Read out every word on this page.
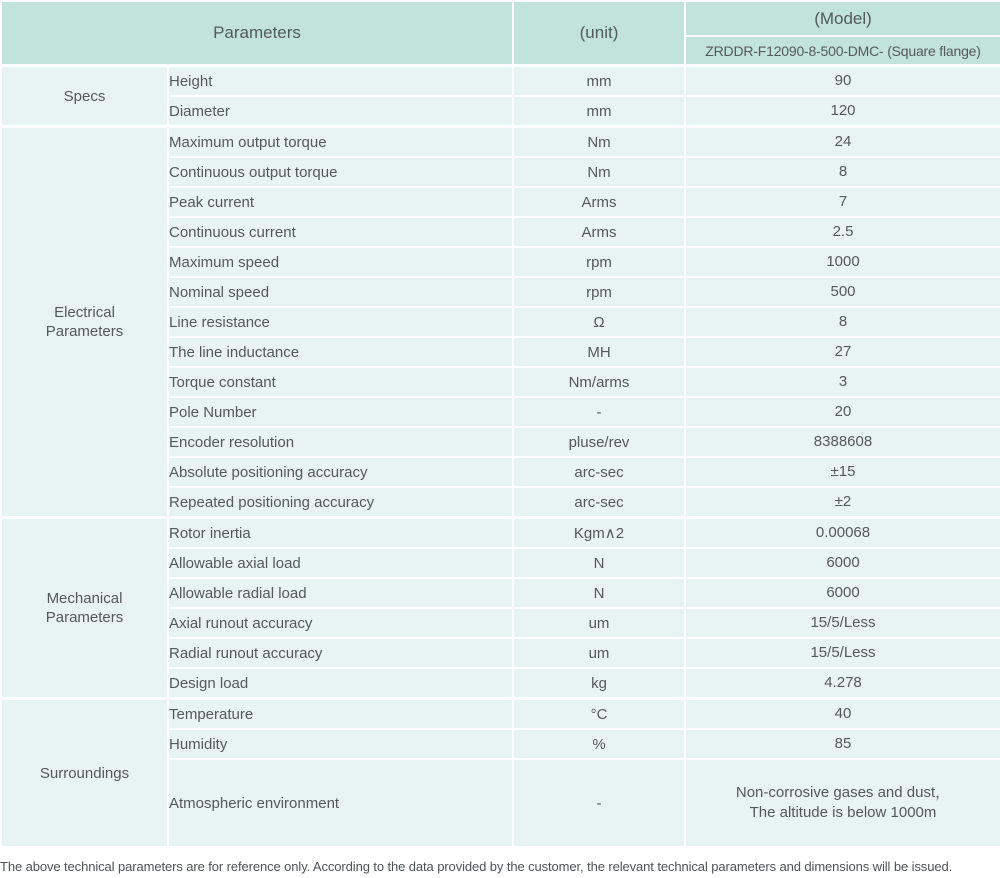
Parameters		(unit)	(Model)
			ZRDDR-F12090-8-500-DMC- (Square flange)

Specs	Height	mm	90
	Diameter	mm	120

Electrical
Parameters	Maximum output torque	Nm	24
	Continuous output torque	Nm	8
	Peak current	Arms	7
	Continuous current	Arms	2.5
	Maximum speed	rpm	1000
	Nominal speed	rpm	500
	Line resistance	Ω	8
	The line inductance	MH	27
	Torque constant	Nm/arms	3
	Pole Number	-	20
	Encoder resolution	pluse/rev	8388608
	Absolute positioning accuracy	arc-sec	±15
	Repeated positioning accuracy	arc-sec	±2

Mechanical
Parameters	Rotor inertia	Kgm∧2	0.00068
	Allowable axial load	N	6000
	Allowable radial load	N	6000
	Axial runout accuracy	um	15/5/Less
	Radial runout accuracy	um	15/5/Less
	Design load	kg	4.278

Surroundings	Temperature	°C	40
	Humidity	%	85
	Atmospheric environment	-	Non-corrosive gases and dust，
The altitude is below 1000m
The above technical parameters are for reference only. According to the data provided by the customer, the relevant technical parameters and dimensions will be issued.
